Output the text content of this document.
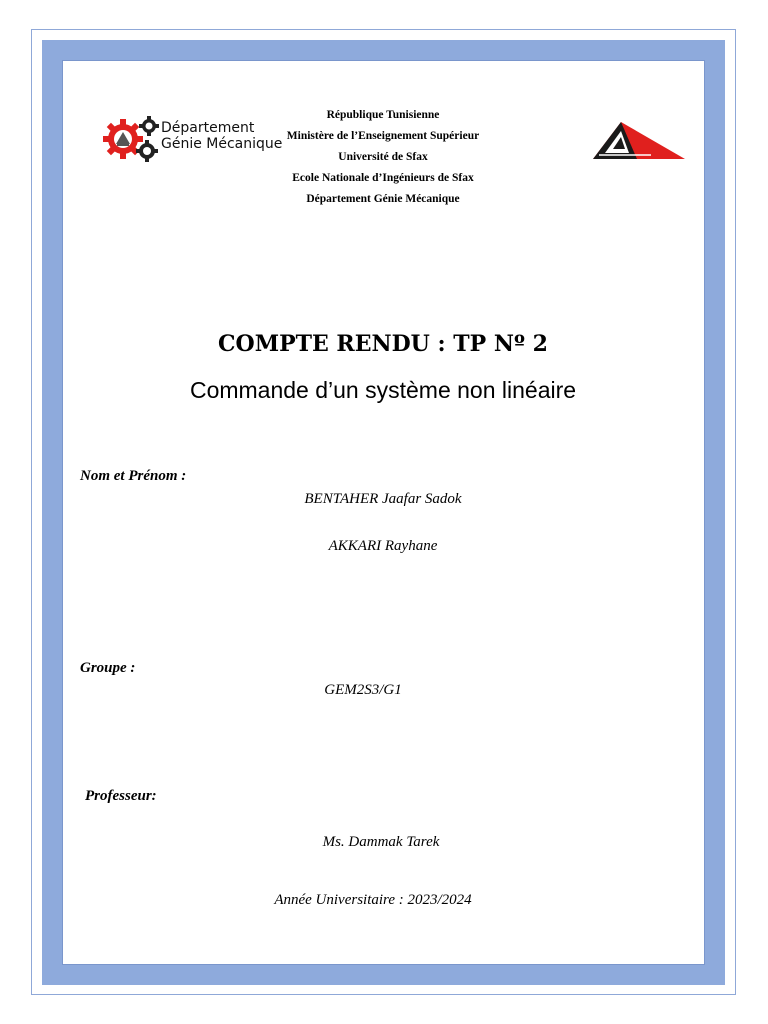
Département
Génie Mécanique
République Tunisienne
Ministère de l’Enseignement Supérieur
Université de Sfax
Ecole Nationale d’Ingénieurs de Sfax
Département Génie Mécanique
COMPTE RENDU : TP Nº 2
Commande d’un système non linéaire
Nom et Prénom :
BENTAHER Jaafar Sadok
AKKARI Rayhane
Groupe :
GEM2S3/G1
Professeur:
Ms. Dammak Tarek
Année Universitaire : 2023/2024
